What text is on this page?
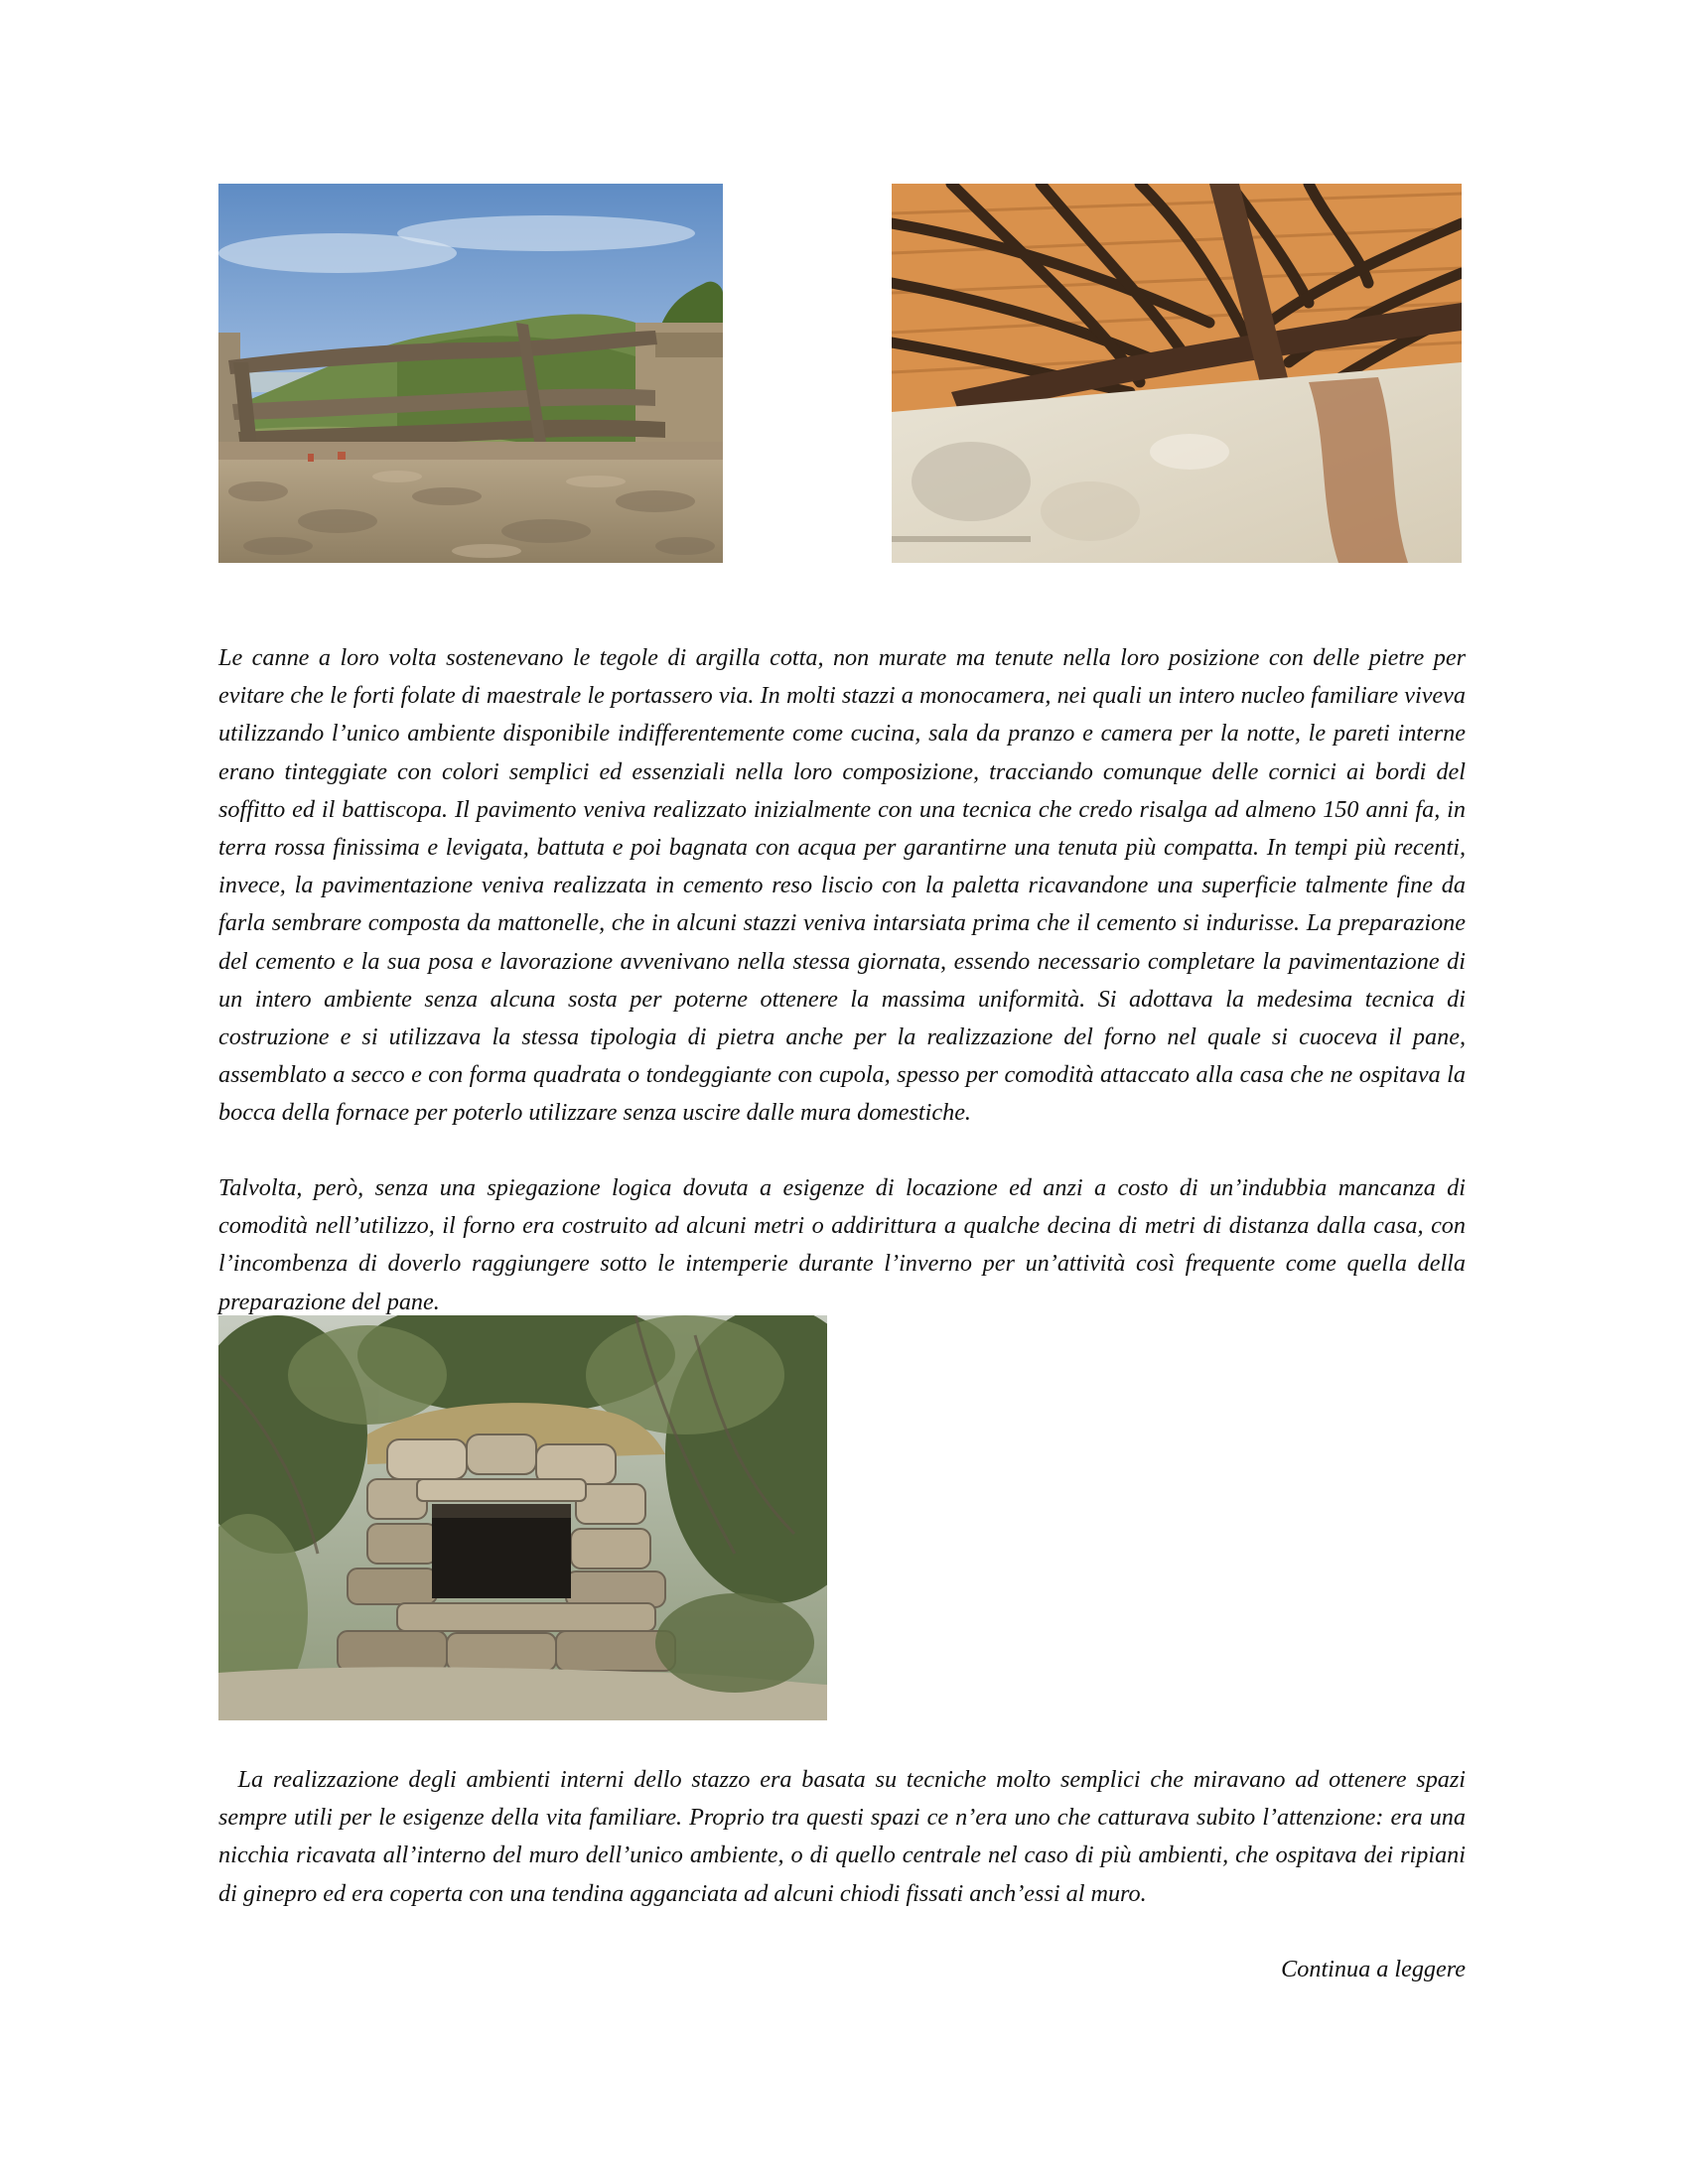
Le canne a loro volta sostenevano le tegole di argilla cotta, non murate ma tenute nella loro posizione con delle pietre per evitare che le forti folate di maestrale le portassero via. In molti stazzi a monocamera, nei quali un intero nucleo familiare viveva utilizzando l’unico ambiente disponibile indifferentemente come cucina, sala da pranzo e camera per la notte, le pareti interne erano tinteggiate con colori semplici ed essenziali nella loro composizione, tracciando comunque delle cornici ai bordi del soffitto ed il battiscopa. Il pavimento veniva realizzato inizialmente con una tecnica che credo risalga ad almeno 150 anni fa, in terra rossa finissima e levigata, battuta e poi bagnata con acqua per garantirne una tenuta più compatta. In tempi più recenti, invece, la pavimentazione veniva realizzata in cemento reso liscio con la paletta ricavandone una superficie talmente fine da farla sembrare composta da mattonelle, che in alcuni stazzi veniva intarsiata prima che il cemento si indurisse. La preparazione del cemento e la sua posa e lavorazione avvenivano nella stessa giornata, essendo necessario completare la pavimentazione di un intero ambiente senza alcuna sosta per poterne ottenere la massima uniformità. Si adottava la medesima tecnica di costruzione e si utilizzava la stessa tipologia di pietra anche per la realizzazione del forno nel quale si cuoceva il pane, assemblato a secco e con forma quadrata o tondeggiante con cupola, spesso per comodità attaccato alla casa che ne ospitava la bocca della fornace per poterlo utilizzare senza uscire dalle mura domestiche.

Talvolta, però, senza una spiegazione logica dovuta a esigenze di locazione ed anzi a costo di un’indubbia mancanza di comodità nell’utilizzo, il forno era costruito ad alcuni metri o addirittura a qualche decina di metri di distanza dalla casa, con l’incombenza di doverlo raggiungere sotto le intemperie durante l’inverno per un’attività così frequente come quella della preparazione del pane.

La realizzazione degli ambienti interni dello stazzo era basata su tecniche molto semplici che miravano ad ottenere spazi sempre utili per le esigenze della vita familiare. Proprio tra questi spazi ce n’era uno che catturava subito l’attenzione: era una nicchia ricavata all’interno del muro dell’unico ambiente, o di quello centrale nel caso di più ambienti, che ospitava dei ripiani di ginepro ed era coperta con una tendina agganciata ad alcuni chiodi fissati anch’essi al muro.

Continua a leggere
